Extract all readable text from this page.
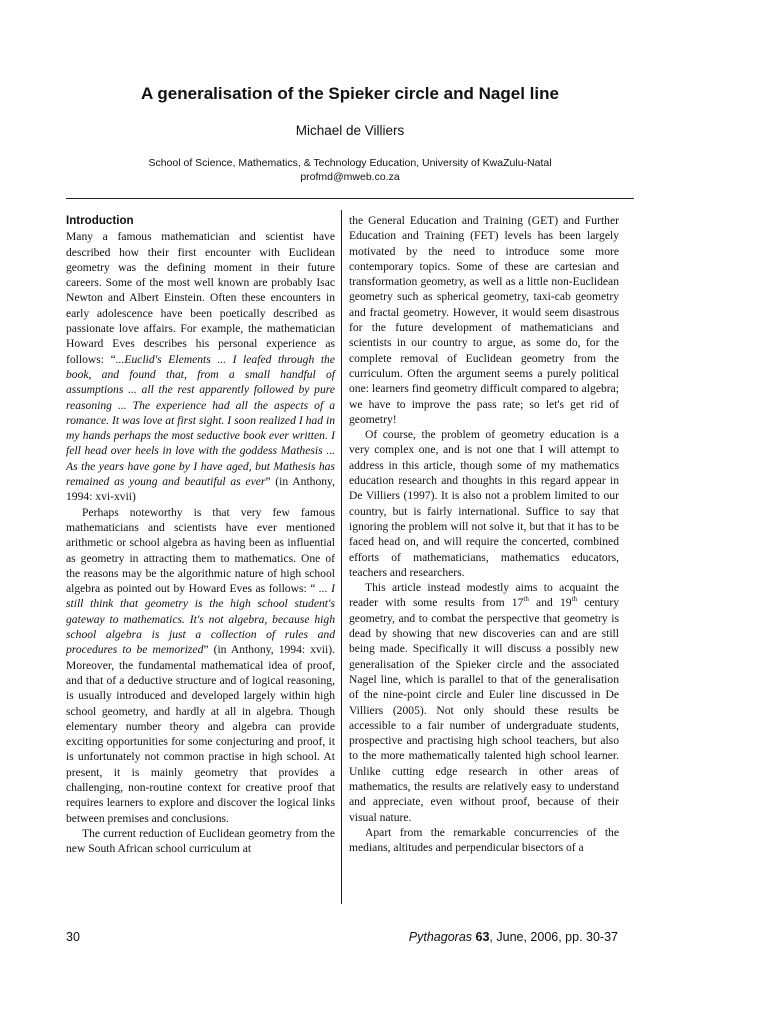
A generalisation of the Spieker circle and Nagel line
Michael de Villiers
School of Science, Mathematics, & Technology Education, University of KwaZulu-Natal
profmd@mweb.co.za
Introduction

Many a famous mathematician and scientist have described how their first encounter with Euclidean geometry was the defining moment in their future careers. Some of the most well known are probably Isac Newton and Albert Einstein. Often these encounters in early adolescence have been poetically described as passionate love affairs. For example, the mathematician Howard Eves describes his personal experience as follows: “...Euclid's Elements ... I leafed through the book, and found that, from a small handful of assumptions ... all the rest apparently followed by pure reasoning ... The experience had all the aspects of a romance. It was love at first sight. I soon realized I had in my hands perhaps the most seductive book ever written. I fell head over heels in love with the goddess Mathesis ... As the years have gone by I have aged, but Mathesis has remained as young and beautiful as ever” (in Anthony, 1994: xvi-xvii)

Perhaps noteworthy is that very few famous mathematicians and scientists have ever mentioned arithmetic or school algebra as having been as influential as geometry in attracting them to mathematics. One of the reasons may be the algorithmic nature of high school algebra as pointed out by Howard Eves as follows: “ ... I still think that geometry is the high school student's gateway to mathematics. It's not algebra, because high school algebra is just a collection of rules and procedures to be memorized” (in Anthony, 1994: xvii). Moreover, the fundamental mathematical idea of proof, and that of a deductive structure and of logical reasoning, is usually introduced and developed largely within high school geometry, and hardly at all in algebra. Though elementary number theory and algebra can provide exciting opportunities for some conjecturing and proof, it is unfortunately not common practise in high school. At present, it is mainly geometry that provides a challenging, non-routine context for creative proof that requires learners to explore and discover the logical links between premises and conclusions.

The current reduction of Euclidean geometry from the new South African school curriculum at

the General Education and Training (GET) and Further Education and Training (FET) levels has been largely motivated by the need to introduce some more contemporary topics. Some of these are cartesian and transformation geometry, as well as a little non-Euclidean geometry such as spherical geometry, taxi-cab geometry and fractal geometry. However, it would seem disastrous for the future development of mathematicians and scientists in our country to argue, as some do, for the complete removal of Euclidean geometry from the curriculum. Often the argument seems a purely political one: learners find geometry difficult compared to algebra; we have to improve the pass rate; so let's get rid of geometry!

Of course, the problem of geometry education is a very complex one, and is not one that I will attempt to address in this article, though some of my mathematics education research and thoughts in this regard appear in De Villiers (1997). It is also not a problem limited to our country, but is fairly international. Suffice to say that ignoring the problem will not solve it, but that it has to be faced head on, and will require the concerted, combined efforts of mathematicians, mathematics educators, teachers and researchers.

This article instead modestly aims to acquaint the reader with some results from 17th and 19th century geometry, and to combat the perspective that geometry is dead by showing that new discoveries can and are still being made. Specifically it will discuss a possibly new generalisation of the Spieker circle and the associated Nagel line, which is parallel to that of the generalisation of the nine-point circle and Euler line discussed in De Villiers (2005). Not only should these results be accessible to a fair number of undergraduate students, prospective and practising high school teachers, but also to the more mathematically talented high school learner. Unlike cutting edge research in other areas of mathematics, the results are relatively easy to understand and appreciate, even without proof, because of their visual nature.

Apart from the remarkable concurrencies of the medians, altitudes and perpendicular bisectors of a

30	Pythagoras 63, June, 2006, pp. 30-37
